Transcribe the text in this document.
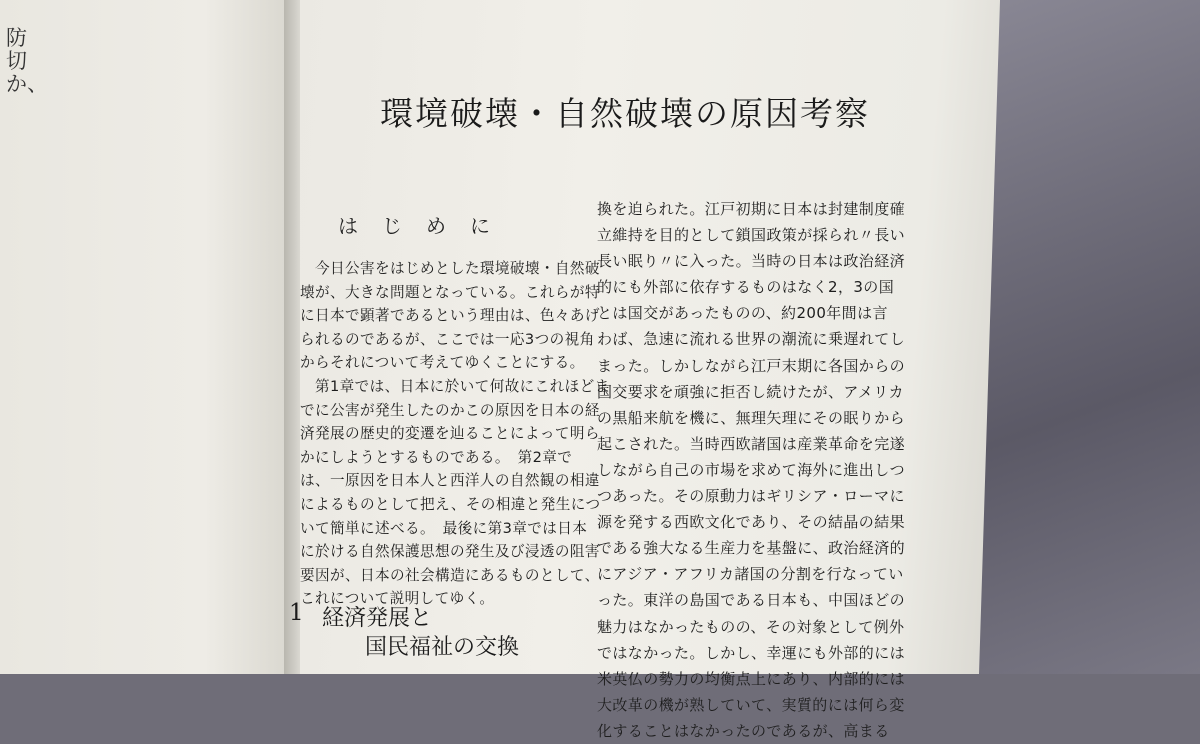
防
切
か、
環境破壊・自然破壊の原因考察
はじめに
　今日公害をはじめとした環境破壊・自然破
壊が、大きな問題となっている。これらが特
に日本で顕著であるという理由は、色々あげ
られるのであるが、ここでは一応3つの視角
からそれについて考えてゆくことにする。
　第1章では、日本に於いて何故にこれほどま
でに公害が発生したのかこの原因を日本の経
済発展の歴史的変遷を辿ることによって明ら
かにしようとするものである。　第2章で
は、一原因を日本人と西洋人の自然観の相違
によるものとして把え、その相違と発生につ
いて簡単に述べる。　最後に第3章では日本
に於ける自然保護思想の発生及び浸透の阻害
要因が、日本の社会構造にあるものとして、
これについて説明してゆく。
1 経済発展と
国民福祉の交換
換を迫られた。江戸初期に日本は封建制度確
立維持を目的として鎖国政策が採られ〃長い
長い眠り〃に入った。当時の日本は政治経済
的にも外部に依存するものはなく2，3の国
とは国交があったものの、約200年間は言
わば、急速に流れる世界の潮流に乗遅れてし
まった。しかしながら江戸末期に各国からの
国交要求を頑強に拒否し続けたが、アメリカ
の黒船来航を機に、無理矢理にその眠りから
起こされた。当時西欧諸国は産業革命を完遂
しながら自己の市場を求めて海外に進出しつ
つあった。その原動力はギリシア・ローマに
源を発する西欧文化であり、その結晶の結果
である強大なる生産力を基盤に、政治経済的
にアジア・アフリカ諸国の分割を行なってい
った。東洋の島国である日本も、中国ほどの
魅力はなかったものの、その対象として例外
ではなかった。しかし、幸運にも外部的には
米英仏の勢力の均衡点上にあり、内部的には
大改革の機が熟していて、実質的には何ら変
化することはなかったのであるが、高まる
